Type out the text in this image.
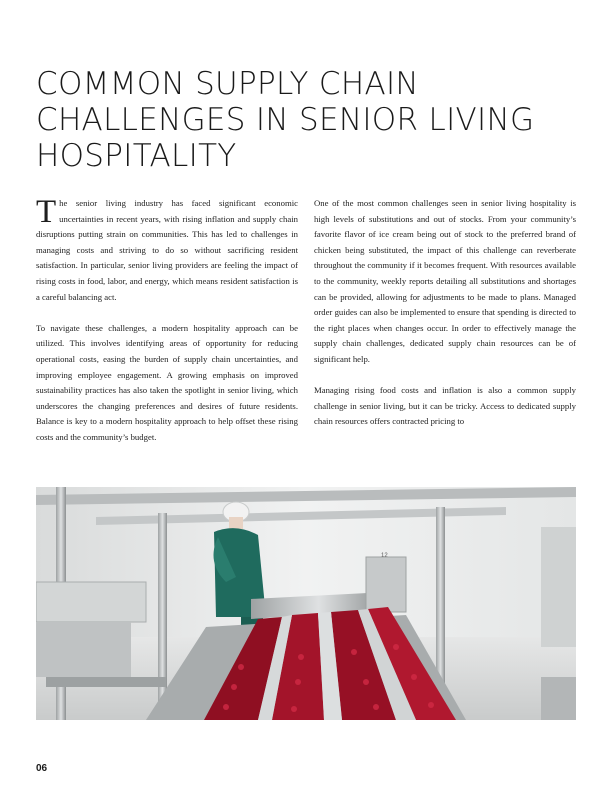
COMMON SUPPLY CHAIN
CHALLENGES IN SENIOR LIVING
HOSPITALITY

The senior living industry has faced significant economic uncertainties in recent years, with rising inflation and supply chain disruptions putting strain on communities. This has led to challenges in managing costs and striving to do so without sacrificing resident satisfaction. In particular, senior living providers are feeling the impact of rising costs in food, labor, and energy, which means resident satisfaction is a careful balancing act.

To navigate these challenges, a modern hospitality approach can be utilized. This involves identifying areas of opportunity for reducing operational costs, easing the burden of supply chain uncertainties, and improving employee engagement. A growing emphasis on improved sustainability practices has also taken the spotlight in senior living, which underscores the changing preferences and desires of future residents. Balance is key to a modern hospitality approach to help offset these rising costs and the community’s budget.

One of the most common challenges seen in senior living hospitality is high levels of substitutions and out of stocks. From your community’s favorite flavor of ice cream being out of stock to the preferred brand of chicken being substituted, the impact of this challenge can reverberate throughout the community if it becomes frequent. With resources available to the community, weekly reports detailing all substitutions and shortages can be provided, allowing for adjustments to be made to plans. Managed order guides can also be implemented to ensure that spending is directed to the right places when changes occur. In order to effectively manage the supply chain challenges, dedicated supply chain resources can be of significant help.

Managing rising food costs and inflation is also a common supply challenge in senior living, but it can be tricky. Access to dedicated supply chain resources offers contracted pricing to

12
06
